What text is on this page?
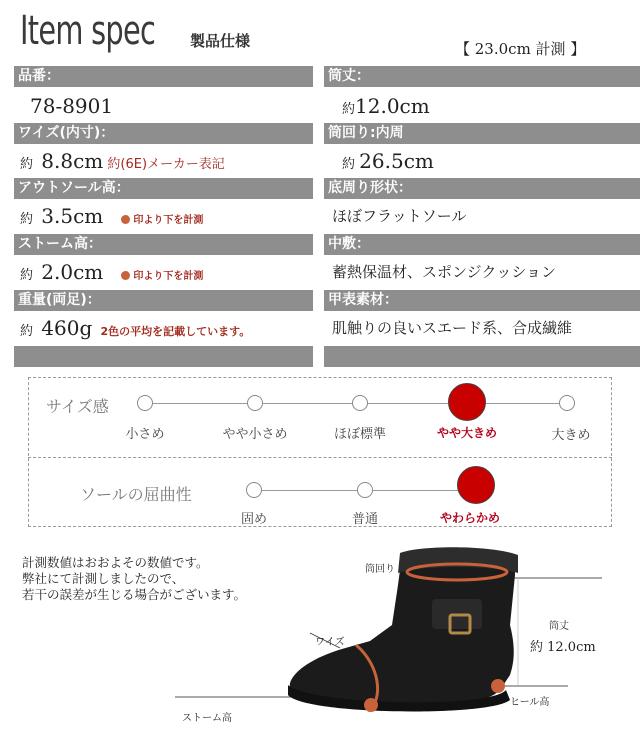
Item spec 製品仕様	【 23.0cm 計測 】
品番：
78-8901
ワイズ(内寸)：
約 8.8cm 約(6E)メーカー表記
アウトソール高：
約 3.5cm	印より下を計測
ストーム高：
約 2.0cm	印より下を計測
重量(両足)：
約 460g 2色の平均を記載しています。
筒丈：
約12.0cm
筒回り:内周
約 26.5cm
底周り形状：
ほぼフラットソール
中敷：
蓄熱保温材、スポンジクッション
甲表素材：
肌触りの良いスエード系、合成繊維
サイズ感
小さめ	やや小さめ	ほぼ標準	やや大きめ	大きめ
ソールの屈曲性
固め	普通	やわらかめ
計測数値はおおよその数値です。
弊社にて計測しましたので、
若干の誤差が生じる場合がございます。
筒回り
ワイズ
筒丈
約 12.0cm
ヒール高
ストーム高
